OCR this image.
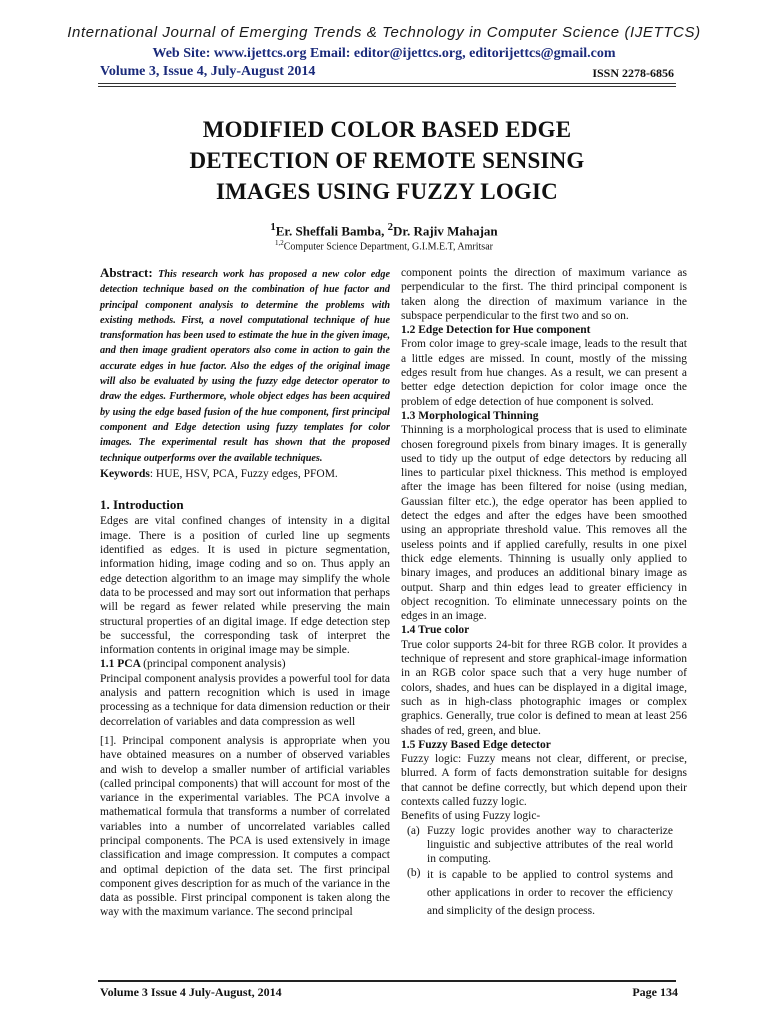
International Journal of Emerging Trends & Technology in Computer Science (IJETTCS)
Web Site: www.ijettcs.org Email: editor@ijettcs.org, editorijettcs@gmail.com
Volume 3, Issue 4, July-August 2014	ISSN 2278-6856
MODIFIED COLOR BASED EDGE
DETECTION OF REMOTE SENSING
IMAGES USING FUZZY LOGIC
$^1$Er. Sheffali Bamba, $^2$Dr. Rajiv Mahajan
$^{1,2}$Computer Science Department, G.I.M.E.T, Amritsar

Abstract: This research work has proposed a new color edge detection technique based on the combination of hue factor and principal component analysis to determine the problems with existing methods. First, a novel computational technique of hue transformation has been used to estimate the hue in the given image, and then image gradient operators also come in action to gain the accurate edges in hue factor. Also the edges of the original image will also be evaluated by using the fuzzy edge detector operator to draw the edges. Furthermore, whole object edges has been acquired by using the edge based fusion of the hue component, first principal component and Edge detection using fuzzy templates for color images. The experimental result has shown that the proposed technique outperforms over the available techniques.

Keywords: HUE, HSV, PCA, Fuzzy edges, PFOM.

1. Introduction

Edges are vital confined changes of intensity in a digital image. There is a position of curled line up segments identified as edges. It is used in picture segmentation, information hiding, image coding and so on. Thus apply an edge detection algorithm to an image may simplify the whole data to be processed and may sort out information that perhaps will be regard as fewer related while preserving the main structural properties of an digital image. If edge detection step be successful, the corresponding task of interpret the information contents in original image may be simple.

1.1 PCA (principal component analysis)

Principal component analysis provides a powerful tool for data analysis and pattern recognition which is used in image processing as a technique for data dimension reduction or their decorrelation of variables and data compression as well

[1]. Principal component analysis is appropriate when you have obtained measures on a number of observed variables and wish to develop a smaller number of artificial variables (called principal components) that will account for most of the variance in the experimental variables. The PCA involve a mathematical formula that transforms a number of correlated variables into a number of uncorrelated variables called principal components. The PCA is used extensively in image classification and image compression. It computes a compact and optimal depiction of the data set. The first principal component gives description for as much of the variance in the data as possible. First principal component is taken along the way with the maximum variance. The second principal

component points the direction of maximum variance as perpendicular to the first. The third principal component is taken along the direction of maximum variance in the subspace perpendicular to the first two and so on.

1.2 Edge Detection for Hue component

From color image to grey-scale image, leads to the result that a little edges are missed. In count, mostly of the missing edges result from hue changes. As a result, we can present a better edge detection depiction for color image once the problem of edge detection of hue component is solved.

1.3 Morphological Thinning

Thinning is a morphological process that is used to eliminate chosen foreground pixels from binary images. It is generally used to tidy up the output of edge detectors by reducing all lines to particular pixel thickness. This method is employed after the image has been filtered for noise (using median, Gaussian filter etc.), the edge operator has been applied to detect the edges and after the edges have been smoothed using an appropriate threshold value. This removes all the useless points and if applied carefully, results in one pixel thick edge elements. Thinning is usually only applied to binary images, and produces an additional binary image as output. Sharp and thin edges lead to greater efficiency in object recognition. To eliminate unnecessary points on the edges in an image.

1.4 True color

True color supports 24-bit for three RGB color. It provides a technique of represent and store graphical-image information in an RGB color space such that a very huge number of colors, shades, and hues can be displayed in a digital image, such as in high-class photographic images or complex graphics. Generally, true color is defined to mean at least 256 shades of red, green, and blue.

1.5 Fuzzy Based Edge detector

Fuzzy logic: Fuzzy means not clear, different, or precise, blurred. A form of facts demonstration suitable for designs that cannot be define correctly, but which depend upon their contexts called fuzzy logic.

Benefits of using Fuzzy logic-

(a) Fuzzy logic provides another way to characterize linguistic and subjective attributes of the real world in computing.
(b) it is capable to be applied to control systems and other applications in order to recover the efficiency and simplicity of the design process.
Volume 3 Issue 4 July-August, 2014	Page 134
